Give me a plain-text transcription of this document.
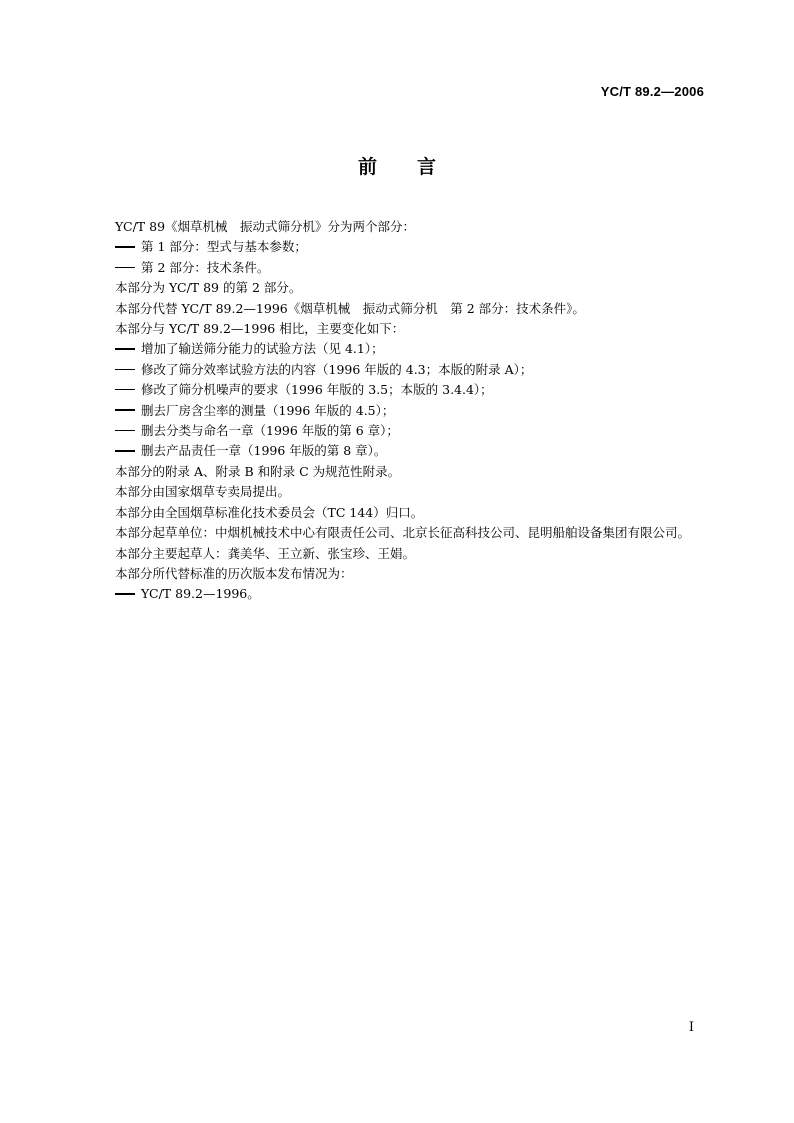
YC/T 89.2—2006
前言
YC/T 89《烟草机械　振动式筛分机》分为两个部分：
第 1 部分：型式与基本参数；
第 2 部分：技术条件。
本部分为 YC/T 89 的第 2 部分。
本部分代替 YC/T 89.2—1996《烟草机械　振动式筛分机　第 2 部分：技术条件》。
本部分与 YC/T 89.2—1996 相比，主要变化如下：
增加了输送筛分能力的试验方法（见 4.1）；
修改了筛分效率试验方法的内容（1996 年版的 4.3；本版的附录 A）；
修改了筛分机噪声的要求（1996 年版的 3.5；本版的 3.4.4）；
删去厂房含尘率的测量（1996 年版的 4.5）；
删去分类与命名一章（1996 年版的第 6 章）；
删去产品责任一章（1996 年版的第 8 章）。
本部分的附录 A、附录 B 和附录 C 为规范性附录。
本部分由国家烟草专卖局提出。
本部分由全国烟草标准化技术委员会（TC 144）归口。
本部分起草单位：中烟机械技术中心有限责任公司、北京长征高科技公司、昆明船舶设备集团有限公司。
本部分主要起草人：龚美华、王立新、张宝珍、王娟。
本部分所代替标准的历次版本发布情况为：
YC/T 89.2—1996。
I
